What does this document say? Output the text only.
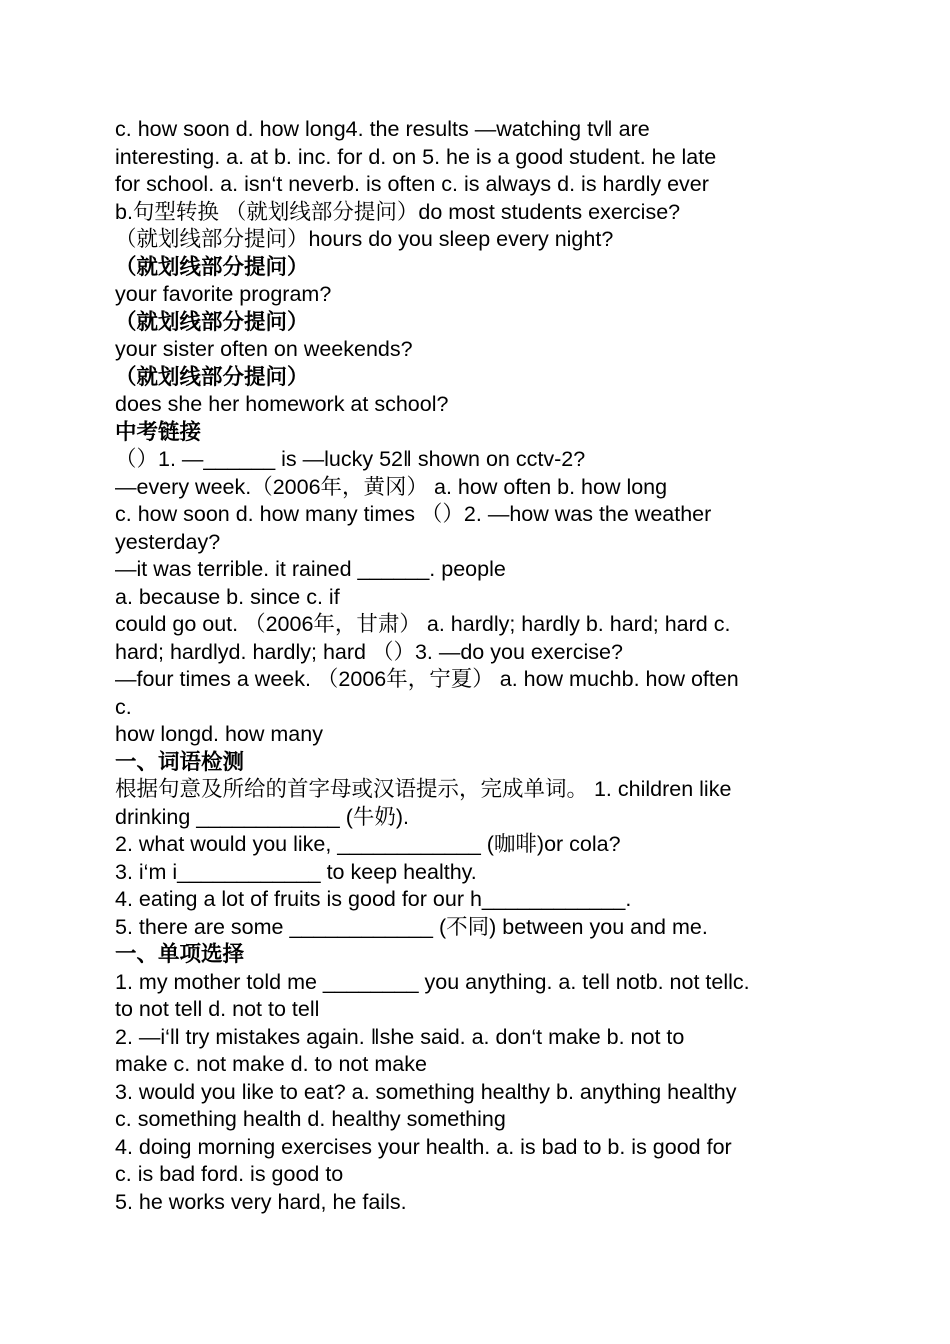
c. how soon d. how long4. the results —watching tv‖ are
interesting. a. at b. inc. for d. on 5. he is a good student. he late
for school. a. isn‘t neverb. is often c. is always d. is hardly ever
b.句型转换 （就划线部分提问）do most students exercise?
（就划线部分提问）hours do you sleep every night?
（就划线部分提问）
your favorite program?
（就划线部分提问）
your sister often on weekends?
（就划线部分提问）
does she her homework at school?
中考链接
（）1. —______ is —lucky 52‖ shown on cctv-2?
—every week.（2006年，黄冈） a. how often b. how long
c. how soon d. how many times （）2. —how was the weather
yesterday?
—it was terrible. it rained ______. people
a. because b. since c. if
could go out. （2006年，甘肃） a. hardly; hardly b. hard; hard c.
hard; hardlyd. hardly; hard （）3. —do you exercise?
—four times a week. （2006年，宁夏） a. how muchb. how often
c.
how longd. how many
一、词语检测
根据句意及所给的首字母或汉语提示，完成单词。 1. children like
drinking ____________ (牛奶).
2. what would you like, ____________ (咖啡)or cola?
3. i‘m i____________ to keep healthy.
4. eating a lot of fruits is good for our h____________.
5. there are some ____________ (不同) between you and me.
一、单项选择
1. my mother told me ________ you anything. a. tell notb. not tellc.
to not tell d. not to tell
2. —i‘ll try mistakes again. ‖she said. a. don‘t make b. not to
make c. not make d. to not make
3. would you like to eat? a. something healthy b. anything healthy
c. something health d. healthy something
4. doing morning exercises your health. a. is bad to b. is good for
c. is bad ford. is good to
5. he works very hard, he fails.
